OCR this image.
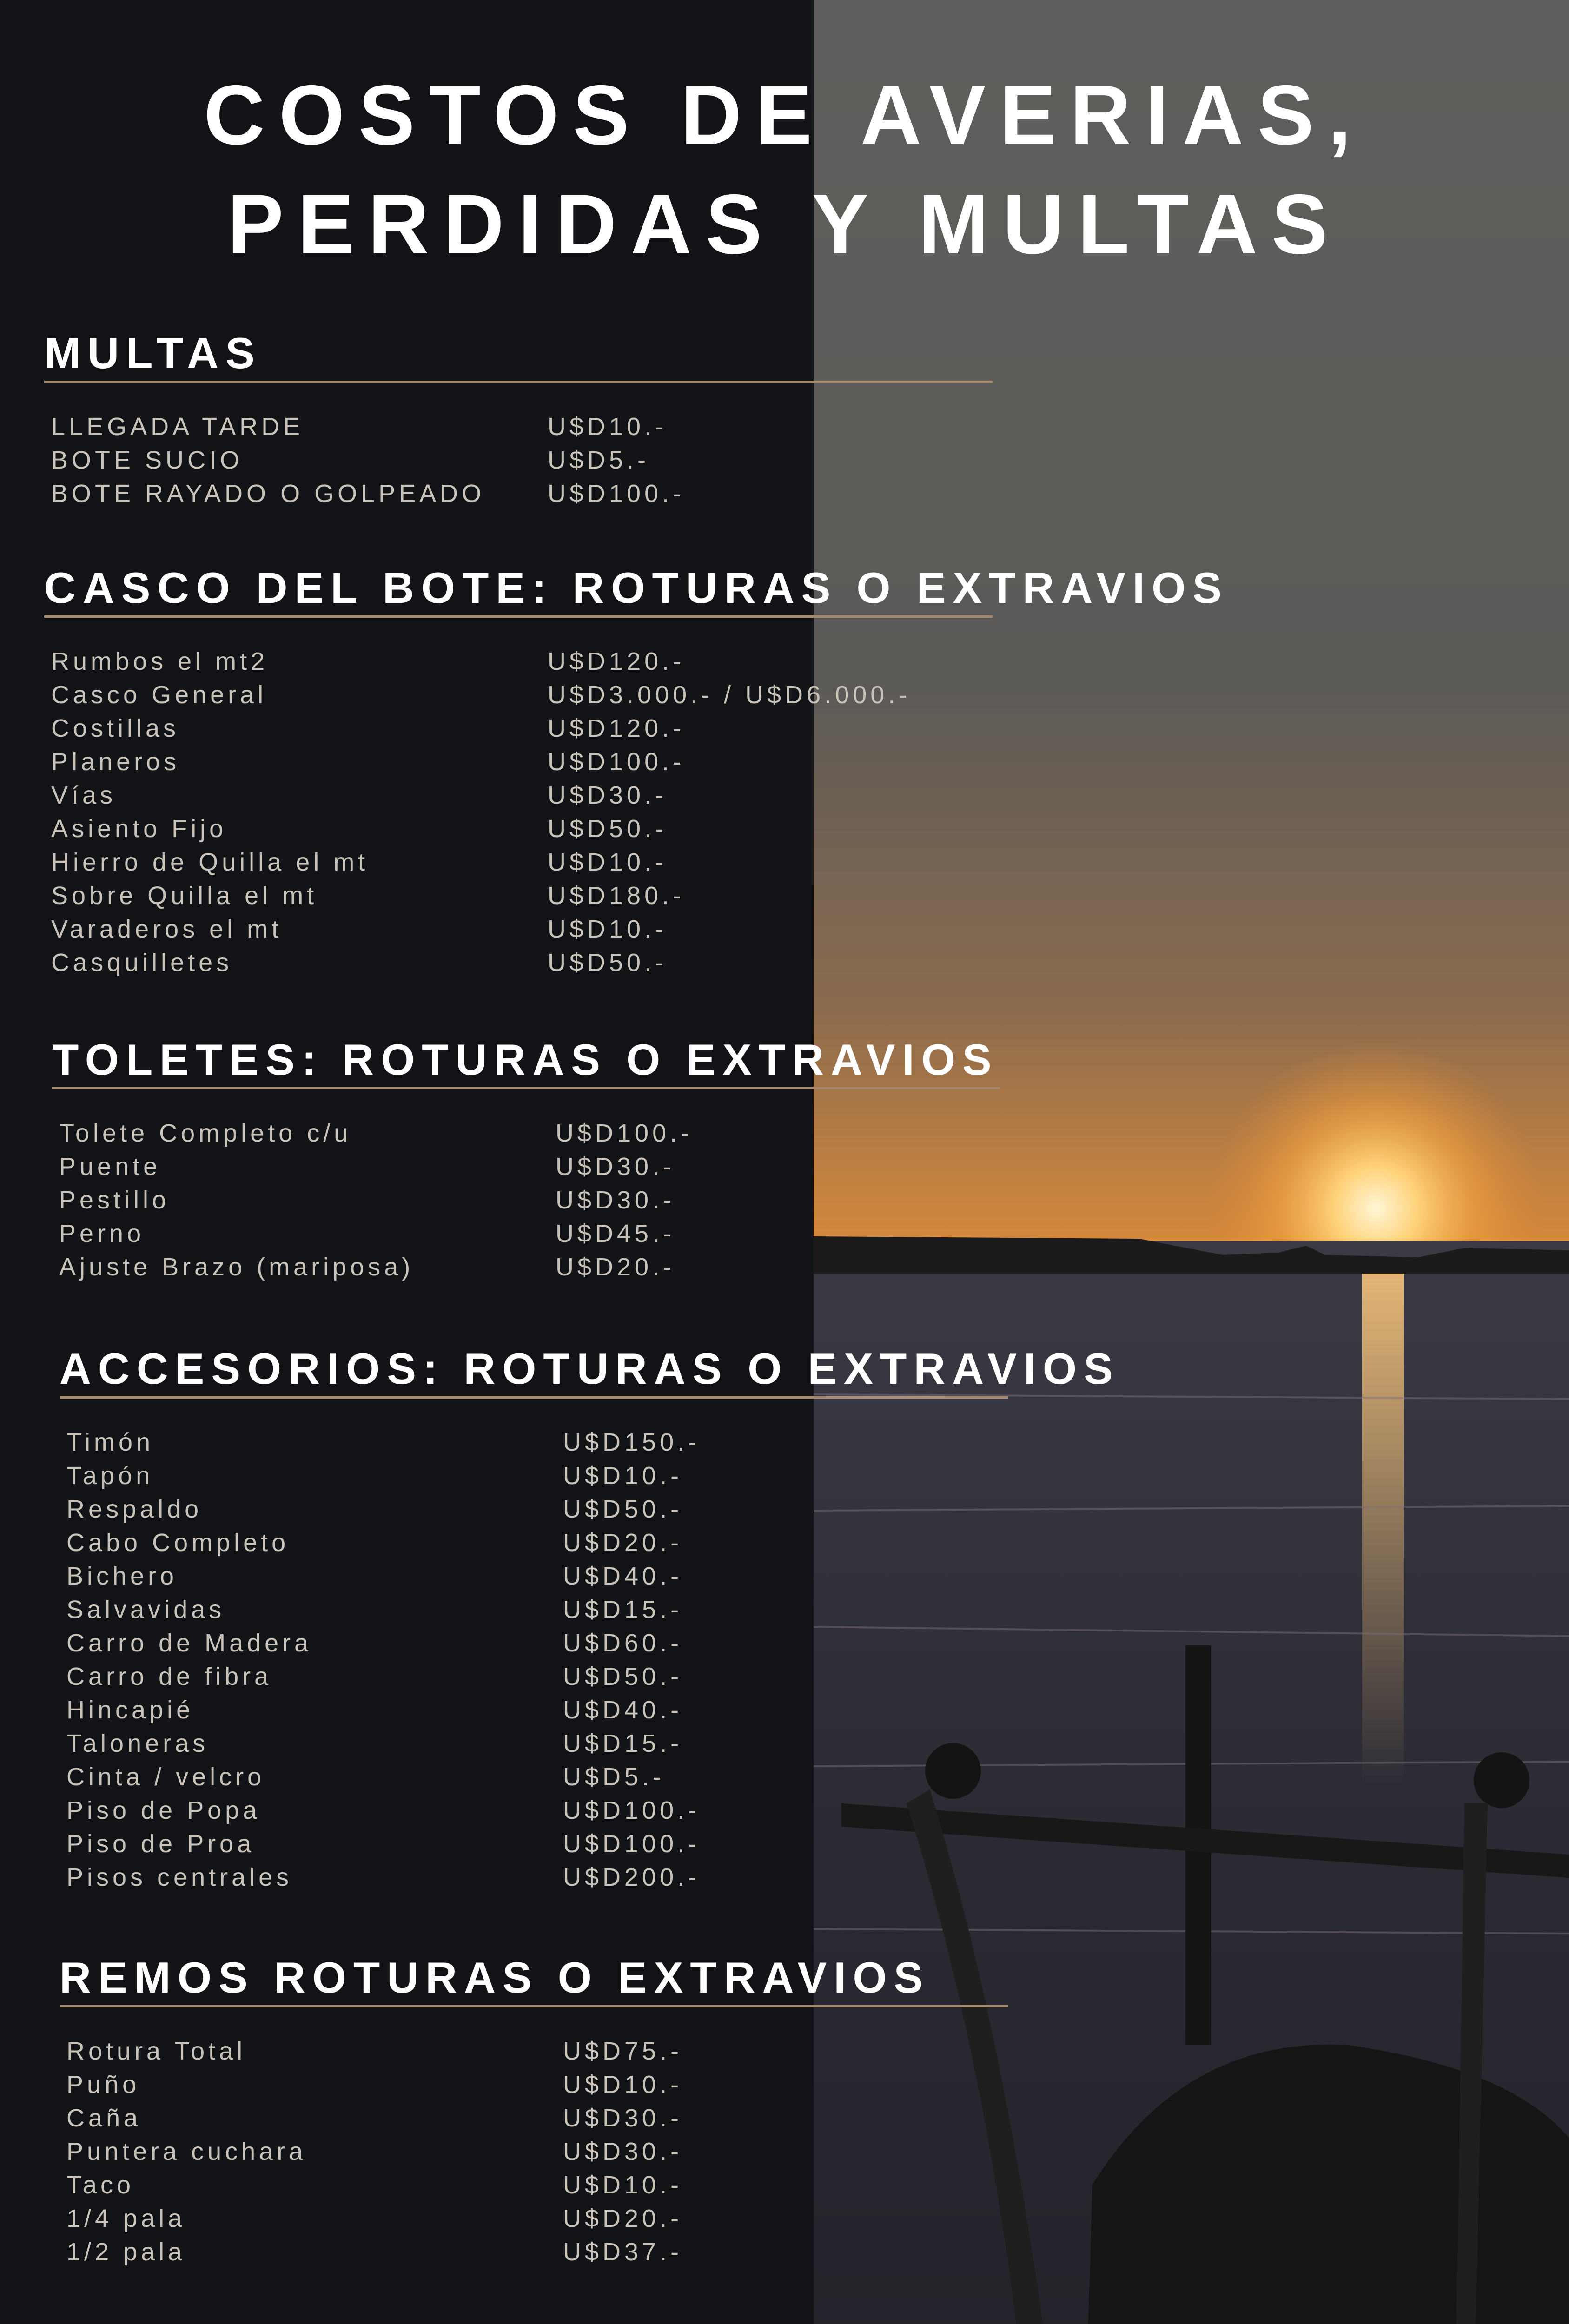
COSTOS DE AVERIAS,
PERDIDAS Y MULTAS
MULTAS
LLEGADA TARDE	U$D10.-
BOTE SUCIO	U$D5.-
BOTE RAYADO O GOLPEADO	U$D100.-
CASCO DEL BOTE: ROTURAS O EXTRAVIOS
Rumbos el mt2	U$D120.-
Casco General	U$D3.000.- / U$D6.000.-
Costillas	U$D120.-
Planeros	U$D100.-
Vías	U$D30.-
Asiento Fijo	U$D50.-
Hierro de Quilla el mt	U$D10.-
Sobre Quilla el mt	U$D180.-
Varaderos el mt	U$D10.-
Casquilletes	U$D50.-
TOLETES: ROTURAS O EXTRAVIOS
Tolete Completo c/u	U$D100.-
Puente	U$D30.-
Pestillo	U$D30.-
Perno	U$D45.-
Ajuste Brazo (mariposa)	U$D20.-
ACCESORIOS: ROTURAS O EXTRAVIOS
Timón	U$D150.-
Tapón	U$D10.-
Respaldo	U$D50.-
Cabo Completo	U$D20.-
Bichero	U$D40.-
Salvavidas	U$D15.-
Carro de Madera	U$D60.-
Carro de fibra	U$D50.-
Hincapié	U$D40.-
Taloneras	U$D15.-
Cinta / velcro	U$D5.-
Piso de Popa	U$D100.-
Piso de Proa	U$D100.-
Pisos centrales	U$D200.-
REMOS ROTURAS O EXTRAVIOS
Rotura Total	U$D75.-
Puño	U$D10.-
Caña	U$D30.-
Puntera cuchara	U$D30.-
Taco	U$D10.-
1/4 pala	U$D20.-
1/2 pala	U$D37.-
